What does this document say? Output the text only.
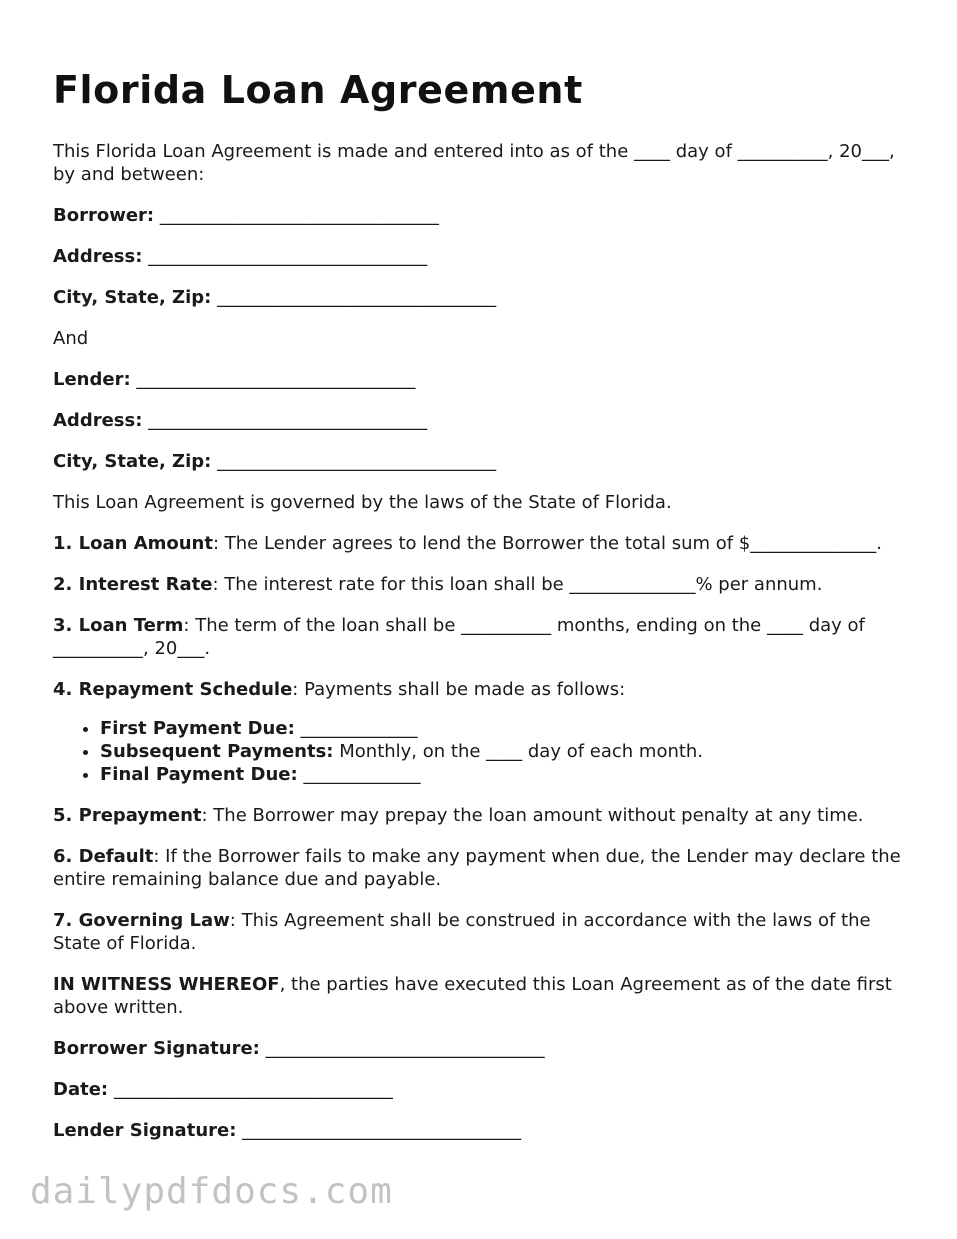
Florida Loan Agreement

This Florida Loan Agreement is made and entered into as of the ____ day of __________, 20___, by and between:

Borrower: _______________________________

Address: _______________________________

City, State, Zip: _______________________________

And

Lender: _______________________________

Address: _______________________________

City, State, Zip: _______________________________

This Loan Agreement is governed by the laws of the State of Florida.

1. Loan Amount: The Lender agrees to lend the Borrower the total sum of $______________.

2. Interest Rate: The interest rate for this loan shall be ______________% per annum.

3. Loan Term: The term of the loan shall be __________ months, ending on the ____ day of __________, 20___.

4. Repayment Schedule: Payments shall be made as follows:

• First Payment Due: _____________
• Subsequent Payments: Monthly, on the ____ day of each month.
• Final Payment Due: _____________

5. Prepayment: The Borrower may prepay the loan amount without penalty at any time.

6. Default: If the Borrower fails to make any payment when due, the Lender may declare the entire remaining balance due and payable.

7. Governing Law: This Agreement shall be construed in accordance with the laws of the State of Florida.

IN WITNESS WHEREOF, the parties have executed this Loan Agreement as of the date first above written.

Borrower Signature: _______________________________

Date: _______________________________

Lender Signature: _______________________________

dailypdfdocs.com
